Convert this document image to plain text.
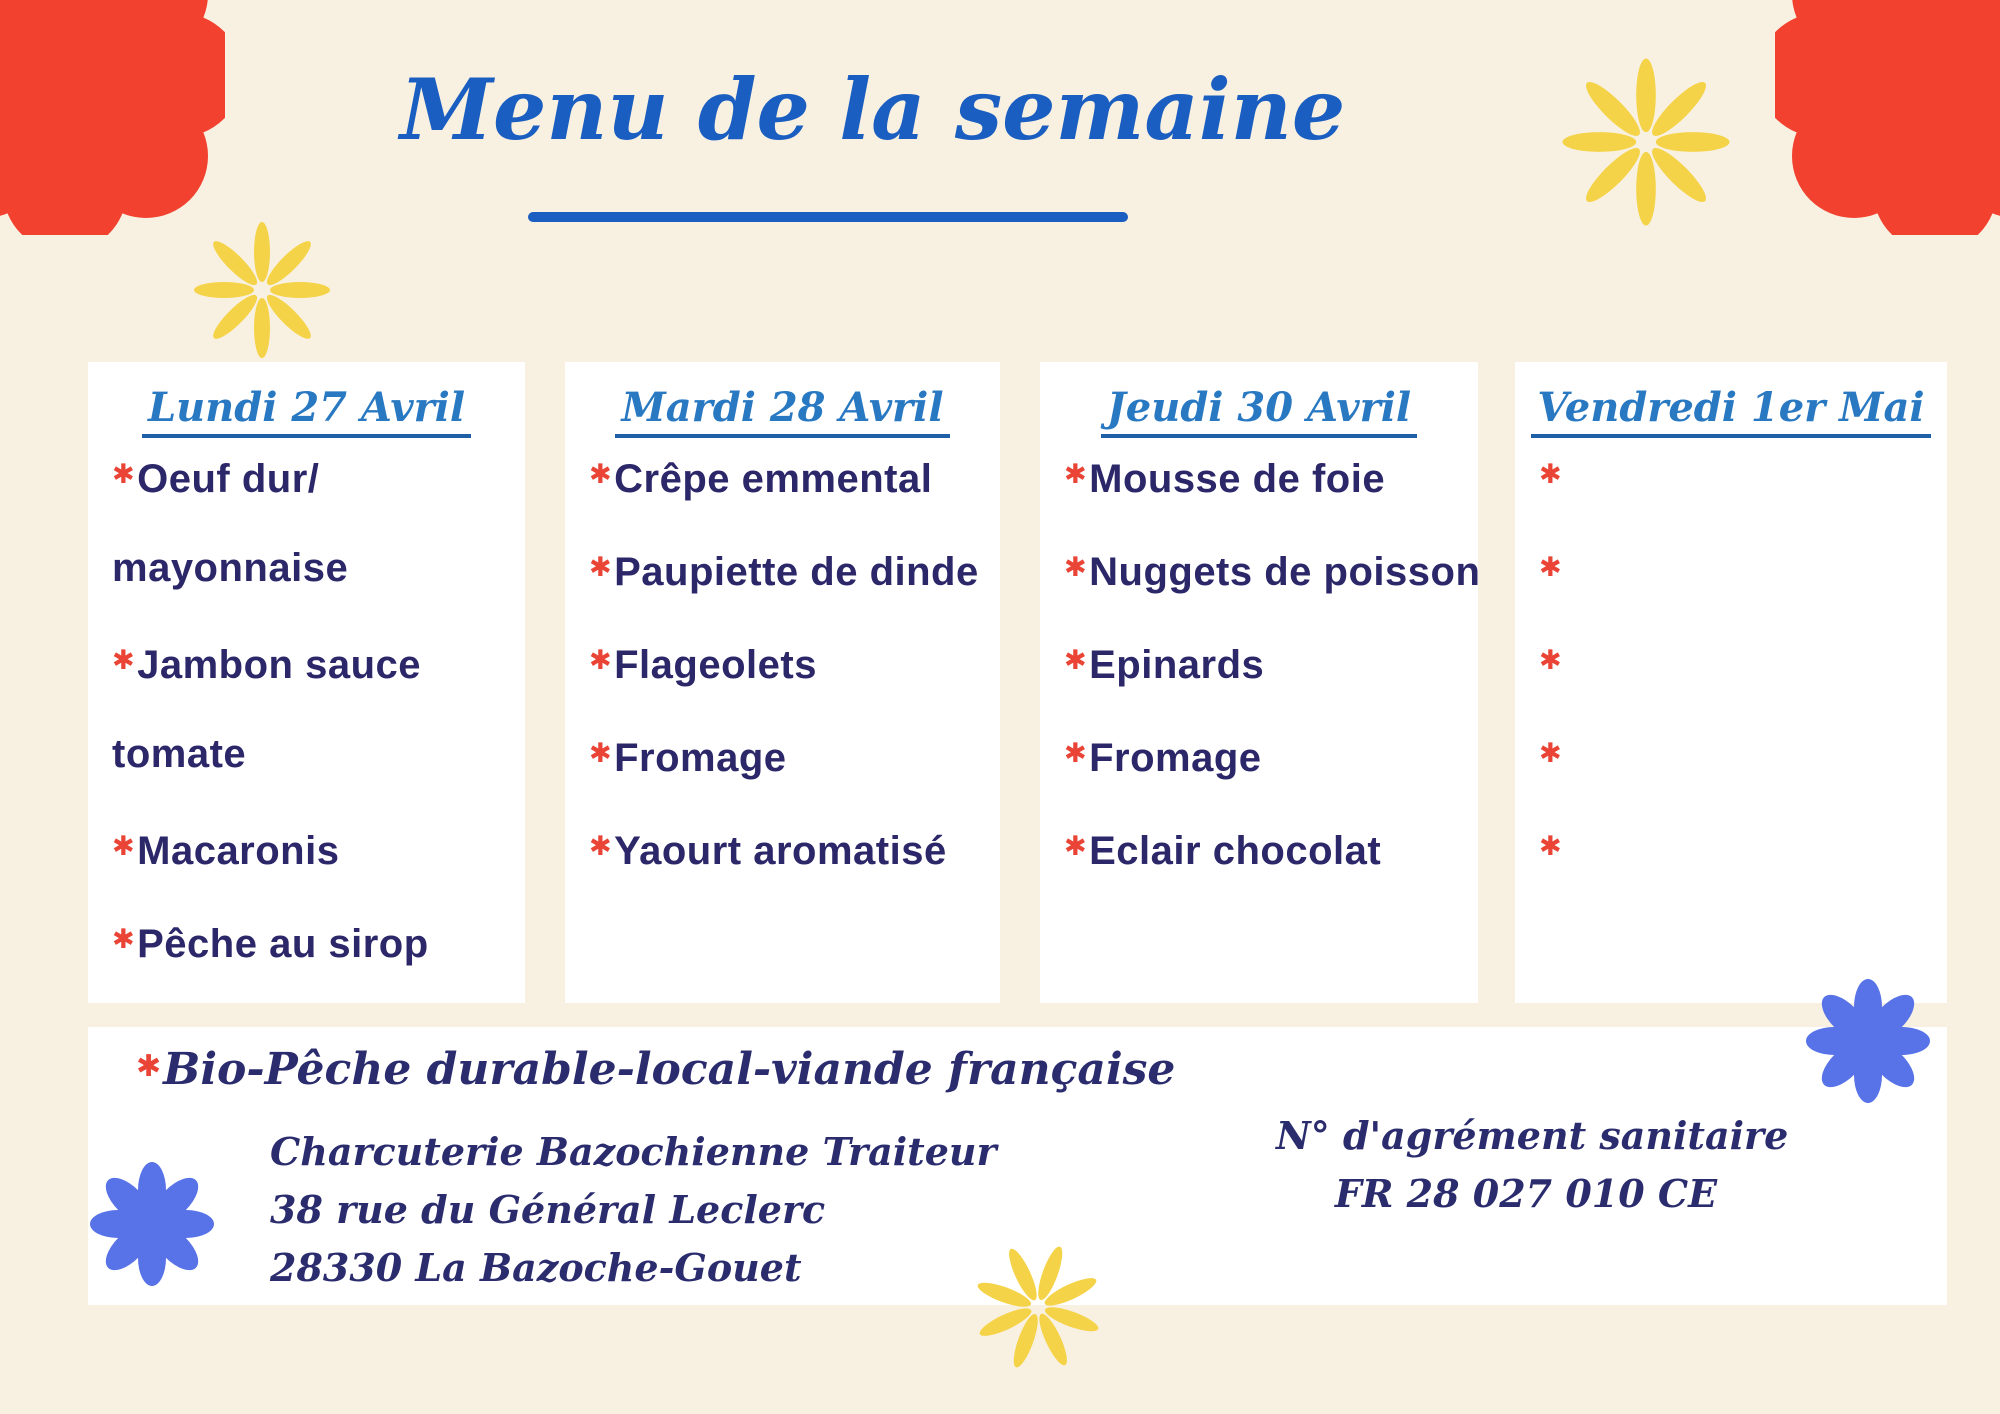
Menu de la semaine
Lundi 27 Avril
✱Oeuf dur/
mayonnaise
✱Jambon sauce
tomate
✱Macaronis
✱Pêche au sirop
Mardi 28 Avril
✱Crêpe emmental
✱Paupiette de dinde
✱Flageolets
✱Fromage
✱Yaourt aromatisé
Jeudi 30 Avril
✱Mousse de foie
✱Nuggets de poisson
✱Epinards
✱Fromage
✱Eclair chocolat
Vendredi 1er Mai
✱
✱
✱
✱
✱
✱Bio-Pêche durable-local-viande française
Charcuterie Bazochienne Traiteur
38 rue du Général Leclerc
28330 La Bazoche-Gouet
N° d'agrément sanitaire
FR 28 027 010 CE
